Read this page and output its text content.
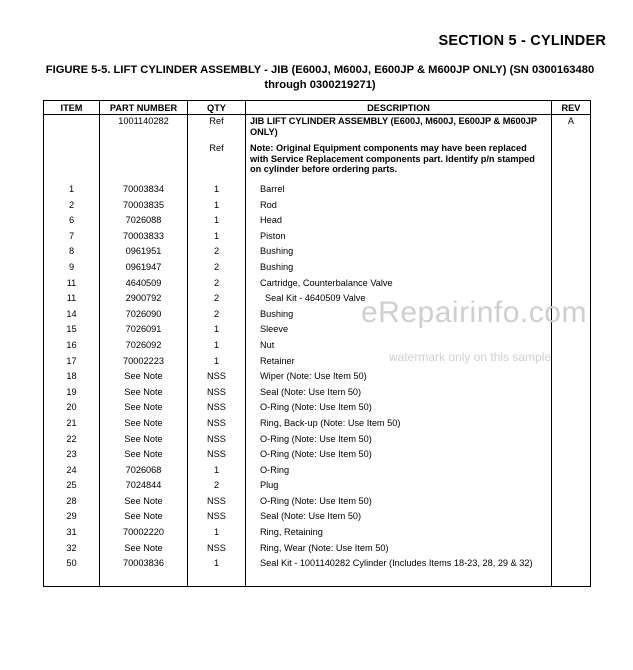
SECTION 5 - CYLINDER
FIGURE 5-5. LIFT CYLINDER ASSEMBLY - JIB (E600J, M600J, E600JP & M600JP ONLY) (SN 0300163480 through 0300219271)
ITEM	PART NUMBER	QTY	DESCRIPTION	REV
	1001140282	Ref	JIB LIFT CYLINDER ASSEMBLY (E600J, M600J, E600JP & M600JP ONLY)	A
		Ref	Note: Original Equipment components may have been replaced with Service Replacement components part. Identify p/n stamped on cylinder before ordering parts.	
1	70003834	1	Barrel	

2	70003835	1	Rod	

6	7026088	1	Head	

7	70003833	1	Piston	

8	0961951	2	Bushing	

9	0961947	2	Bushing	

11	4640509	2	Cartridge, Counterbalance Valve	

11	2900792	2	Seal Kit - 4640509 Valve	

14	7026090	2	Bushing	

15	7026091	1	Sleeve	

16	7026092	1	Nut	

17	70002223	1	Retainer	

18	See Note	NSS	Wiper (Note: Use Item 50)	

19	See Note	NSS	Seal (Note: Use Item 50)	

20	See Note	NSS	O-Ring (Note: Use Item 50)	

21	See Note	NSS	Ring, Back-up (Note: Use Item 50)	

22	See Note	NSS	O-Ring (Note: Use Item 50)	

23	See Note	NSS	O-Ring (Note: Use Item 50)	

24	7026068	1	O-Ring	

25	7024844	2	Plug	

28	See Note	NSS	O-Ring (Note: Use Item 50)	

29	See Note	NSS	Seal (Note: Use Item 50)	

31	70002220	1	Ring, Retaining	

32	See Note	NSS	Ring, Wear (Note: Use Item 50)	

50	70003836	1	Seal Kit - 1001140282 Cylinder (Includes Items 18-23, 28, 29 & 32)	

eRepairinfo.com
watermark only on this sample
